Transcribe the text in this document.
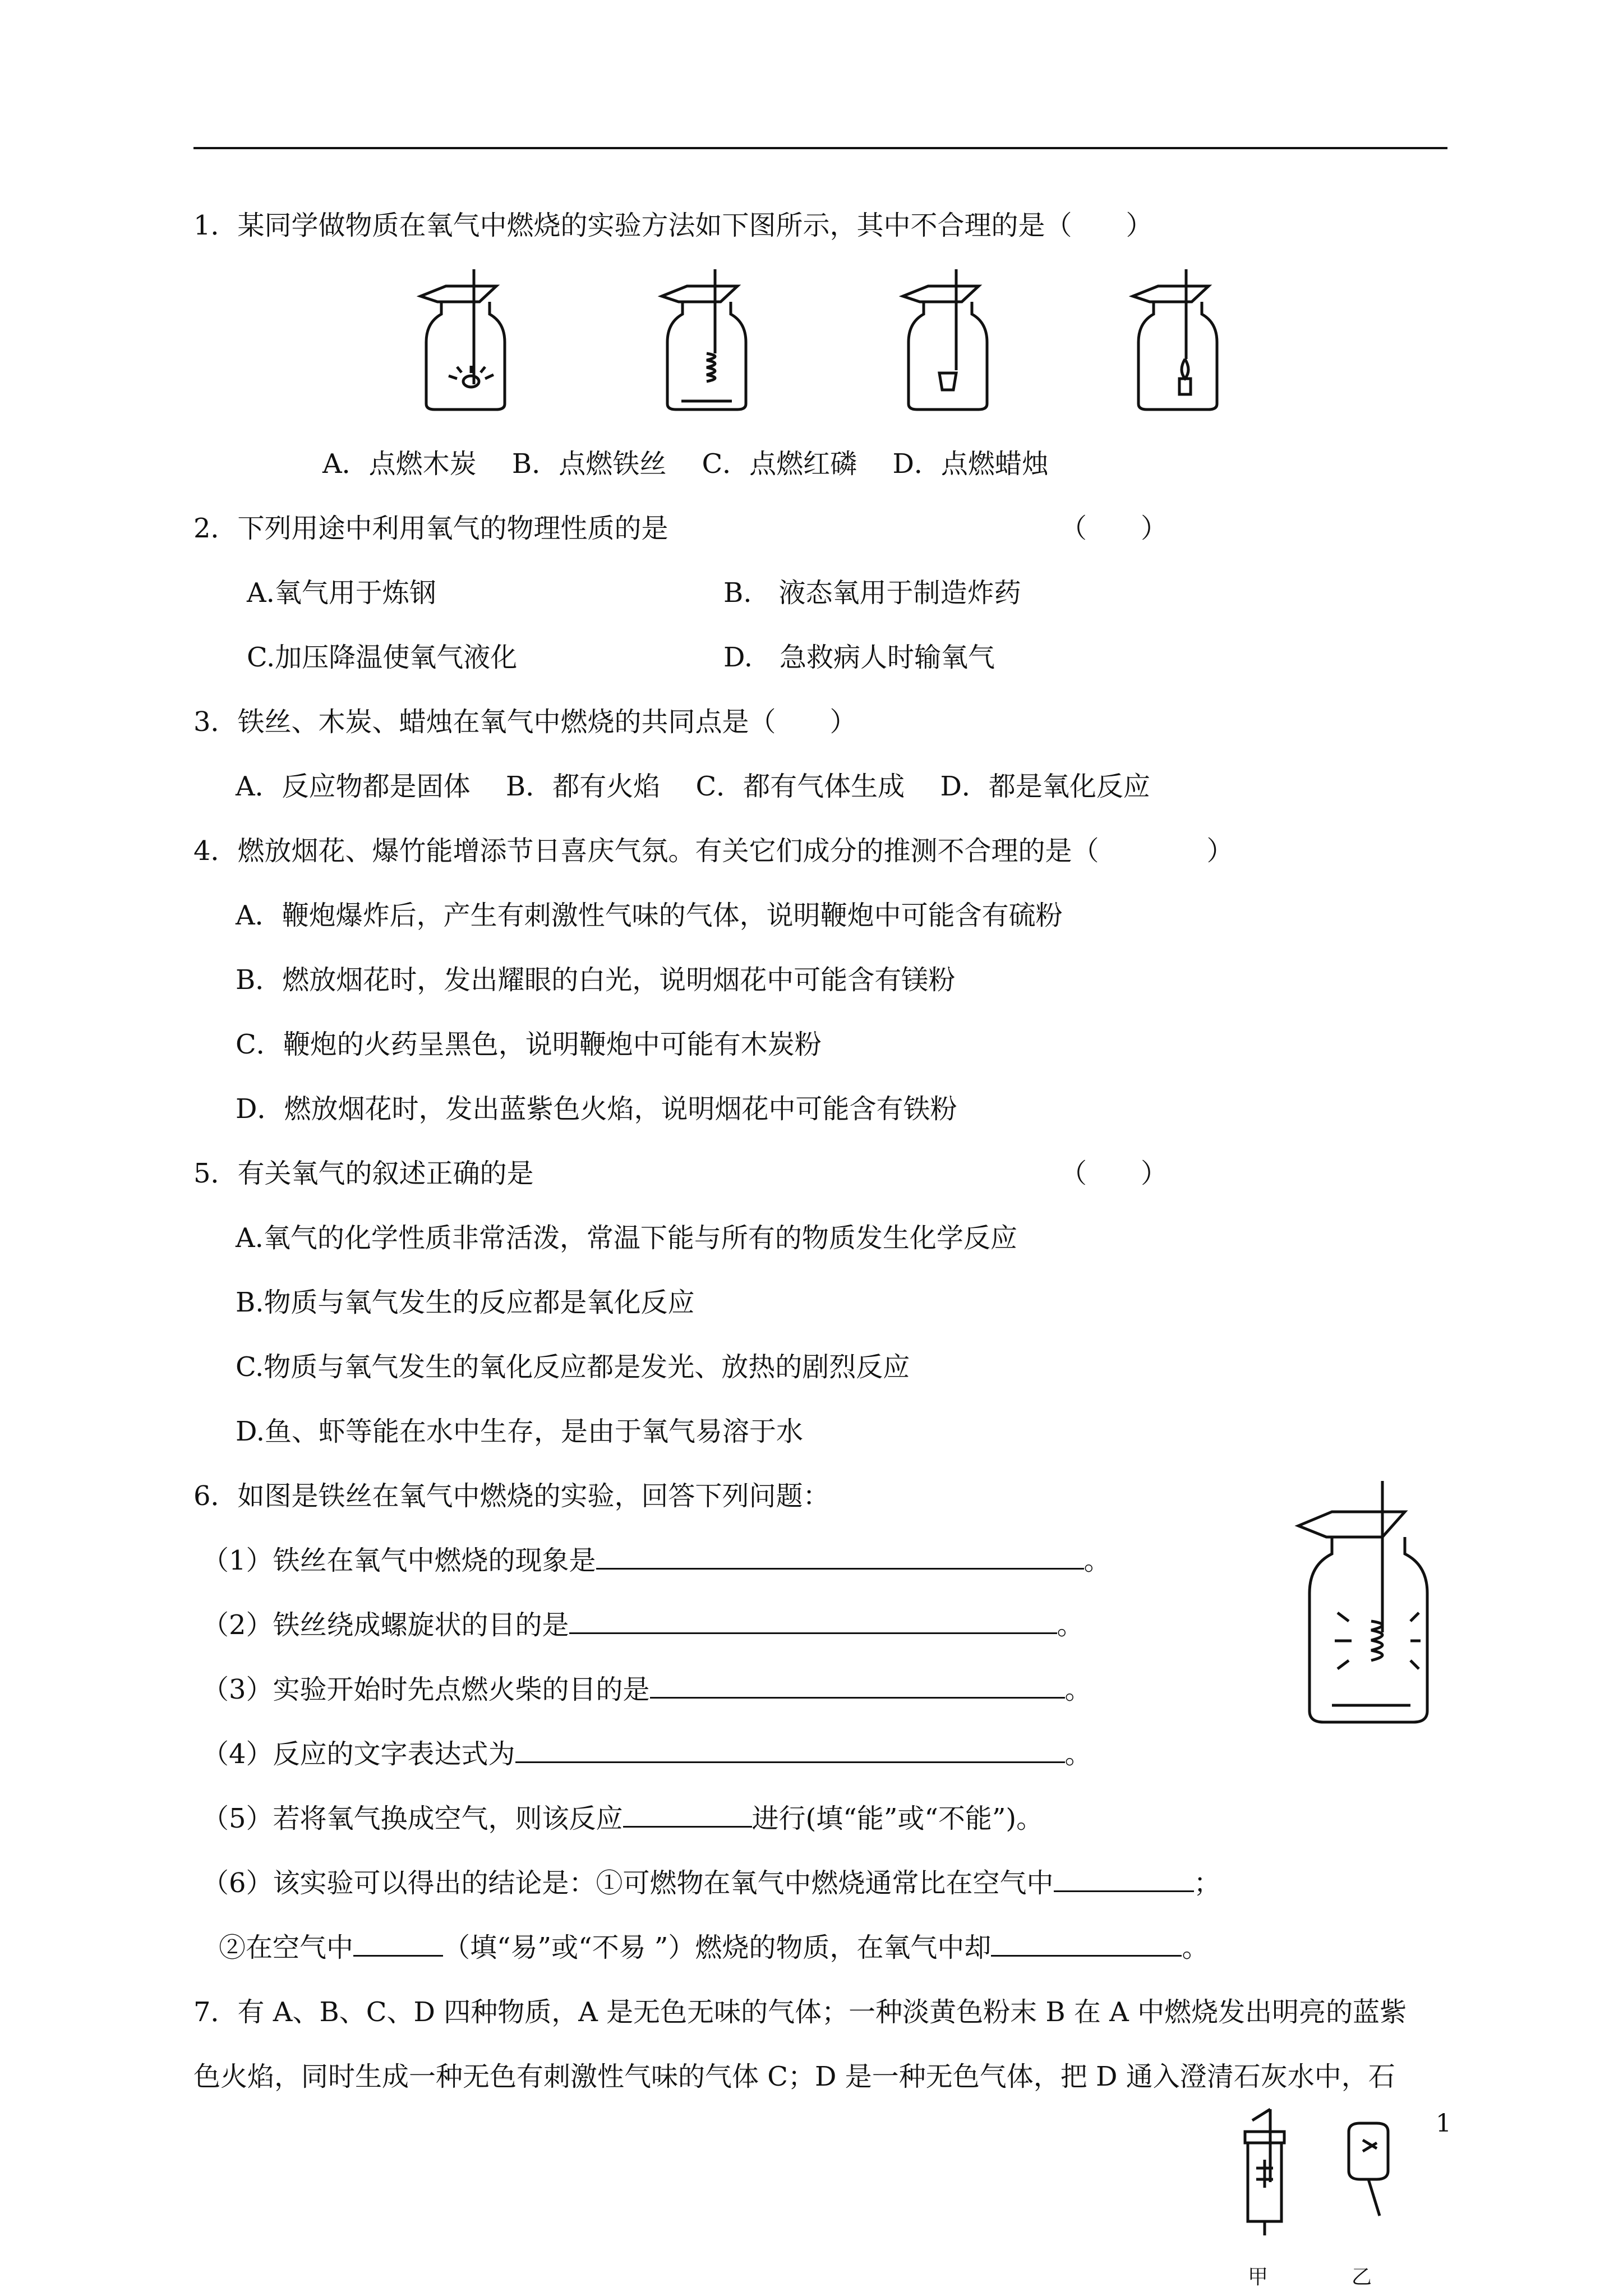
1．某同学做物质在氧气中燃烧的实验方法如下图所示，其中不合理的是（　　）
A．点燃木炭　 B．点燃铁丝　 C．点燃红磷　 D．点燃蜡烛
2．下列用途中利用氧气的物理性质的是	（　　）
A.氧气用于炼钢	B.　液态氧用于制造炸药
C.加压降温使氧气液化	D.　急救病人时输氧气
3．铁丝、木炭、蜡烛在氧气中燃烧的共同点是（　　）
A．反应物都是固体　 B．都有火焰　 C．都有气体生成　 D．都是氧化反应
4．燃放烟花、爆竹能增添节日喜庆气氛。有关它们成分的推测不合理的是（　　　　）
A．鞭炮爆炸后，产生有刺激性气味的气体，说明鞭炮中可能含有硫粉
B．燃放烟花时，发出耀眼的白光，说明烟花中可能含有镁粉
C．鞭炮的火药呈黑色，说明鞭炮中可能有木炭粉
D．燃放烟花时，发出蓝紫色火焰，说明烟花中可能含有铁粉
5．有关氧气的叙述正确的是	（　　）
A.氧气的化学性质非常活泼，常温下能与所有的物质发生化学反应
B.物质与氧气发生的反应都是氧化反应
C.物质与氧气发生的氧化反应都是发光、放热的剧烈反应
D.鱼、虾等能在水中生存，是由于氧气易溶于水
6．如图是铁丝在氧气中燃烧的实验，回答下列问题：
（1）铁丝在氧气中燃烧的现象是	。
（2）铁丝绕成螺旋状的目的是	。
（3）实验开始时先点燃火柴的目的是	。
（4）反应的文字表达式为	。
（5）若将氧气换成空气，则该反应	进行(填“能”或“不能”)。
（6）该实验可以得出的结论是：①可燃物在氧气中燃烧通常比在空气中	；
②在空气中	（填“易”或“不易 ”）燃烧的物质，在氧气中却	。
7．有 A、B、C、D 四种物质，A 是无色无味的气体；一种淡黄色粉末 B 在 A 中燃烧发出明亮的蓝紫
色火焰，同时生成一种无色有刺激性气味的气体 C；D 是一种无色气体，把 D 通入澄清石灰水中，石
甲	乙
1
